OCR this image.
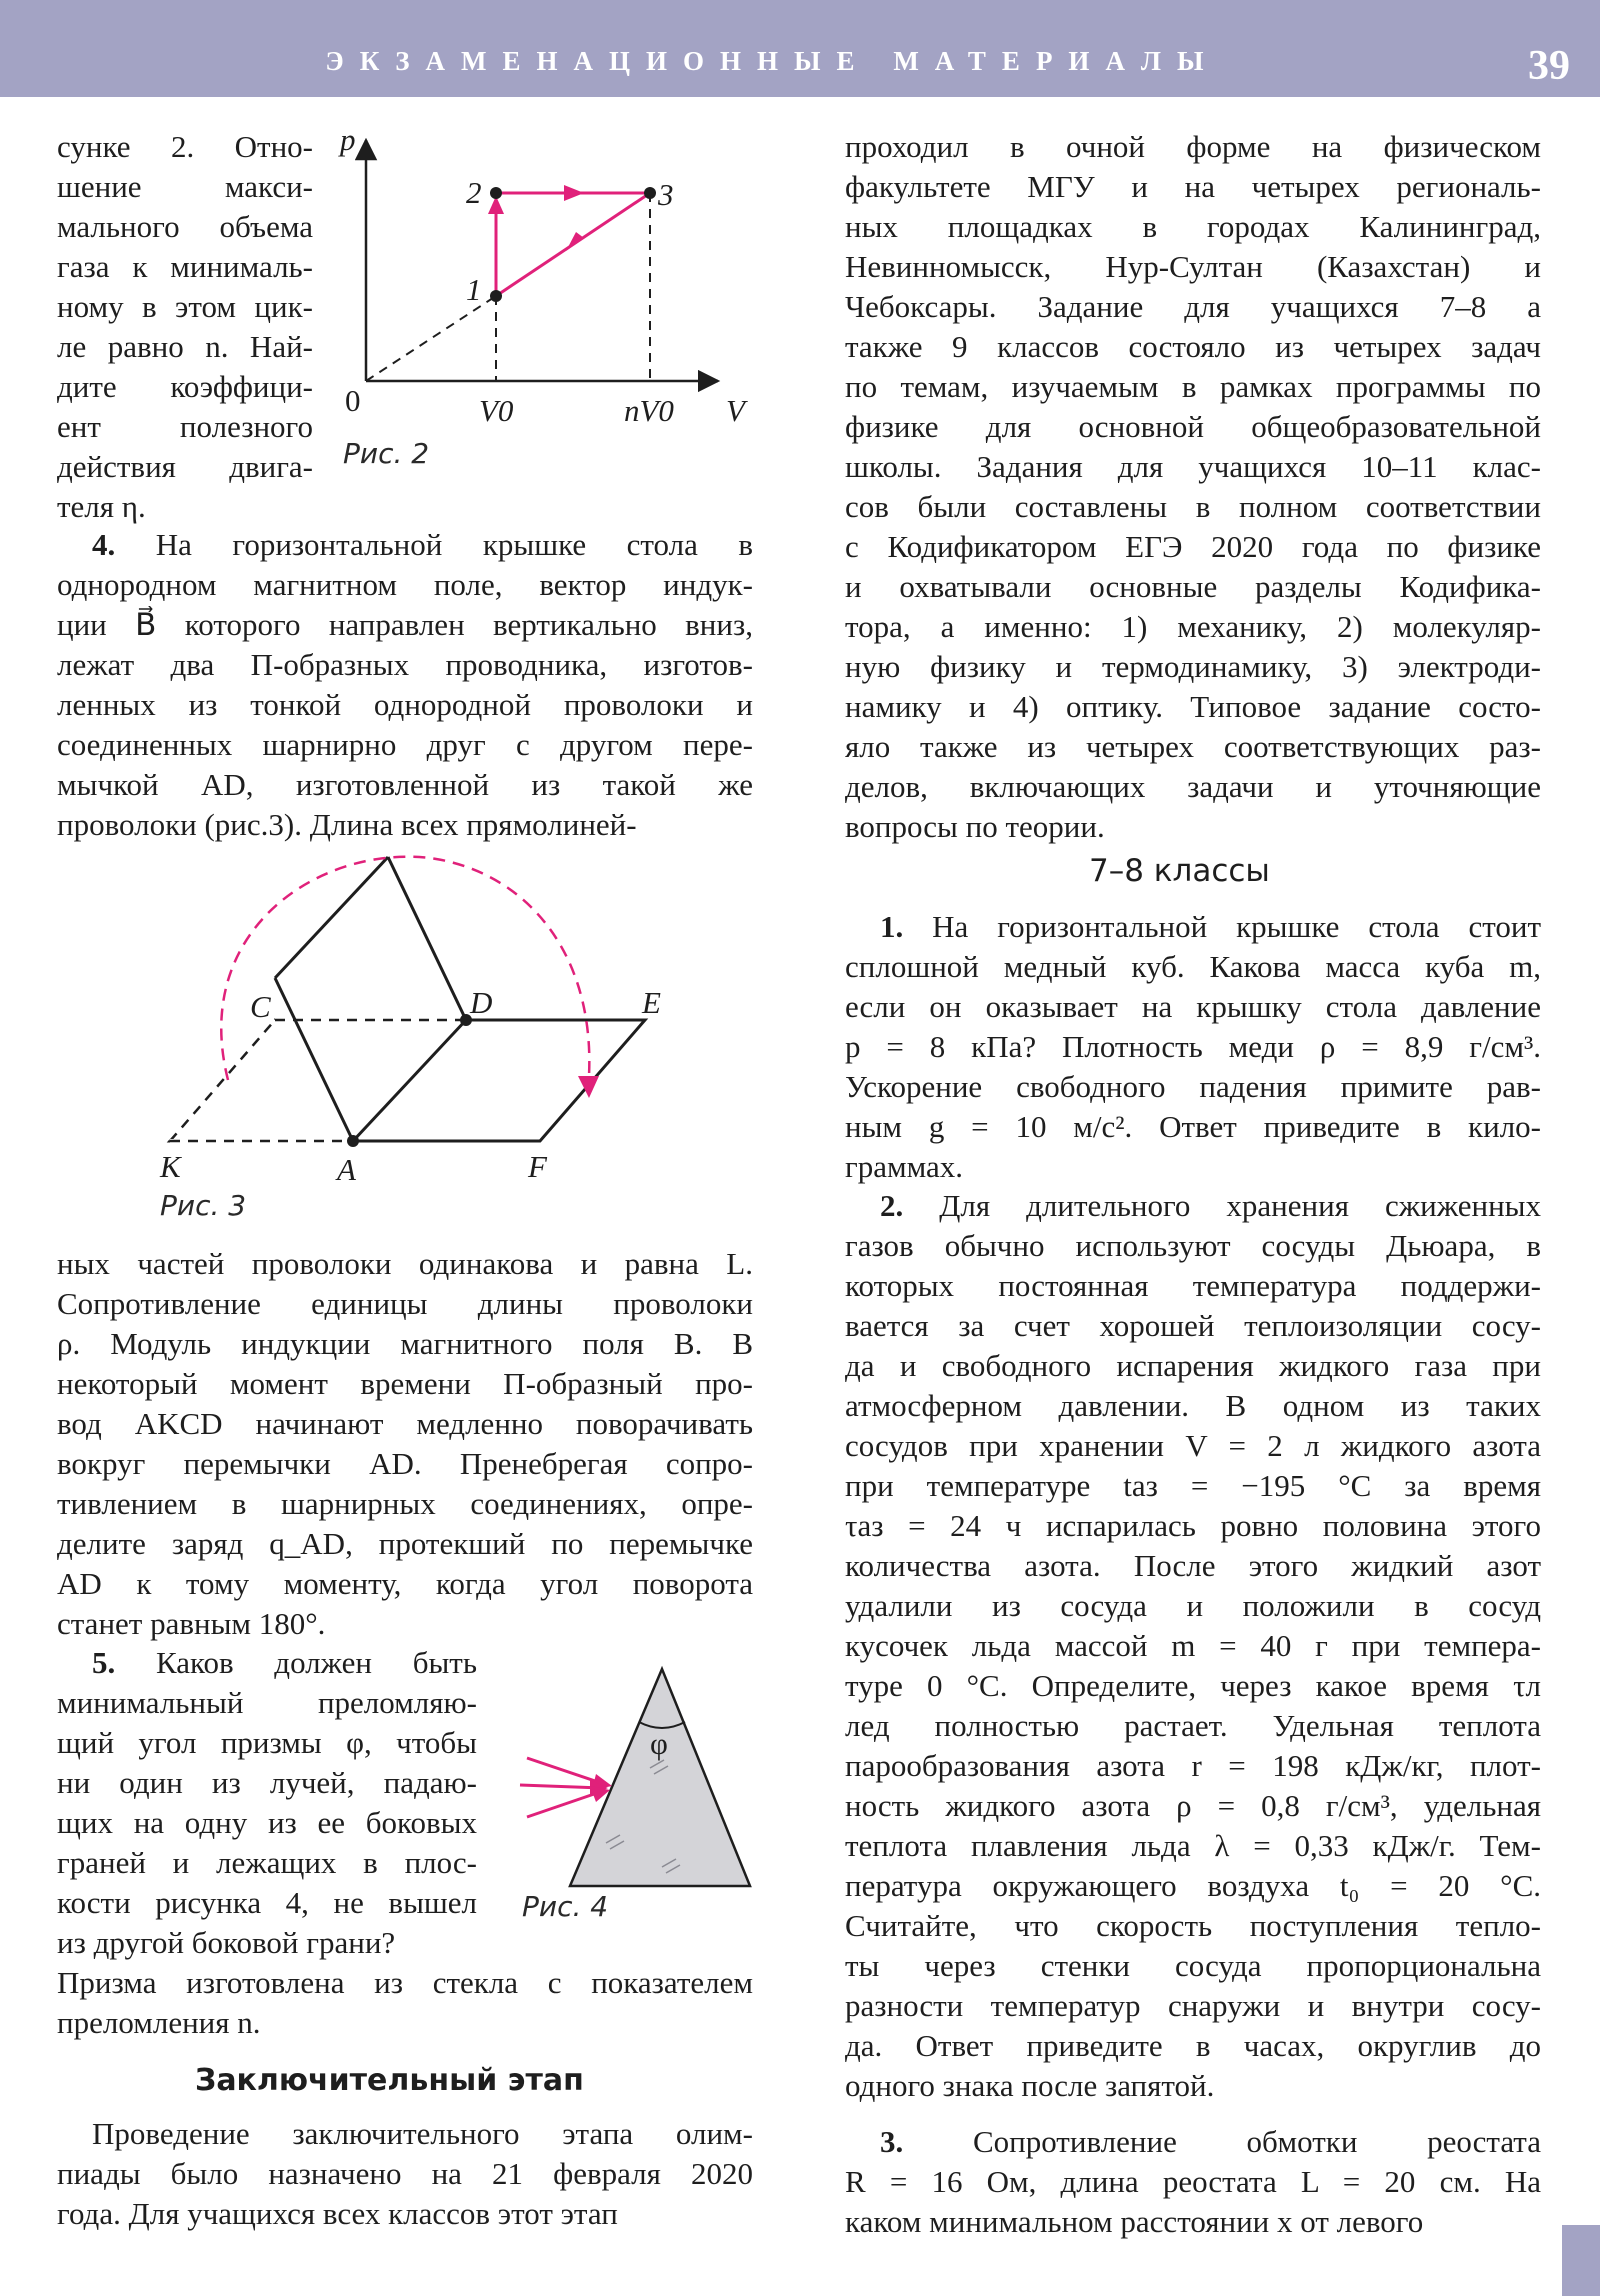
ЭКЗАМЕНАЦИОННЫЕ МАТЕРИАЛЫ	39
сунке 2. Отно-
шение макси-
мального объема
газа к минималь-
ному в этом цик-
ле равно n. Най-
дите коэффици-
ент полезного
действия двига-
теля η.
4. На горизонтальной крышке стола в
однородном магнитном поле, вектор индук-
ции B⃗ которого направлен вертикально вниз,
лежат два П-образных проводника, изготов-
ленных из тонкой однородной проволоки и
соединенных шарнирно друг с другом пере-
мычкой AD, изготовленной из такой же
проволоки (рис.3). Длина всех прямолиней-
ных частей проволоки одинакова и равна L.
Сопротивление единицы длины проволоки
ρ. Модуль индукции магнитного поля B. В
некоторый момент времени П-образный про-
вод AKCD начинают медленно поворачивать
вокруг перемычки AD. Пренебрегая сопро-
тивлением в шарнирных соединениях, опре-
делите заряд q_AD, протекший по перемычке
AD к тому моменту, когда угол поворота
станет равным 180°.
5. Каков должен быть
минимальный преломляю-
щий угол призмы φ, чтобы
ни один из лучей, падаю-
щих на одну из ее боковых
граней и лежащих в плос-
кости рисунка 4, не вышел
из другой боковой грани?
Призма изготовлена из стекла с показателем
преломления n.
Проведение заключительного этапа олим-
пиады было назначено на 21 февраля 2020
года. Для учащихся всех классов этот этап
проходил в очной форме на физическом
факультете МГУ и на четырех региональ-
ных площадках в городах Калининград,
Невинномысск, Нур-Султан (Казахстан) и
Чебоксары. Задание для учащихся 7–8 а
также 9 классов состояло из четырех задач
по темам, изучаемым в рамках программы по
физике для основной общеобразовательной
школы. Задания для учащихся 10–11 клас-
сов были составлены в полном соответствии
с Кодификатором ЕГЭ 2020 года по физике
и охватывали основные разделы Кодифика-
тора, а именно: 1) механику, 2) молекуляр-
ную физику и термодинамику, 3) электроди-
намику и 4) оптику. Типовое задание состо-
яло также из четырех соответствующих раз-
делов, включающих задачи и уточняющие
вопросы по теории.
1. На горизонтальной крышке стола стоит
сплошной медный куб. Какова масса куба m,
если он оказывает на крышку стола давление
p = 8 кПа? Плотность меди ρ = 8,9 г/см³.
Ускорение свободного падения примите рав-
ным g = 10 м/с². Ответ приведите в кило-
граммах.
2. Для длительного хранения сжиженных
газов обычно используют сосуды Дьюара, в
которых постоянная температура поддержи-
вается за счет хорошей теплоизоляции сосу-
да и свободного испарения жидкого газа при
атмосферном давлении. В одном из таких
сосудов при хранении V = 2 л жидкого азота
при температуре tаз = −195 °C за время
τаз = 24 ч испарилась ровно половина этого
количества азота. После этого жидкий азот
удалили из сосуда и положили в сосуд
кусочек льда массой m = 40 г при темпера-
туре 0 °C. Определите, через какое время τл
лед полностью растает. Удельная теплота
парообразования азота r = 198 кДж/кг, плот-
ность жидкого азота ρ = 0,8 г/см³, удельная
теплота плавления льда λ = 0,33 кДж/г. Тем-
пература окружающего воздуха t₀ = 20 °C.
Считайте, что скорость поступления тепло-
ты через стенки сосуда пропорциональна
разности температур снаружи и внутри сосу-
да. Ответ приведите в часах, округлив до
одного знака после запятой.
3. Сопротивление обмотки реостата
R = 16 Ом, длина реостата L = 20 см. На
каком минимальном расстоянии x от левого
Заключительный этап
7–8 классы
p
V
0	V0	nV0
1
2	3
Рис. 2
C	D	E
K	A	F
Рис. 3
φ
Рис. 4
